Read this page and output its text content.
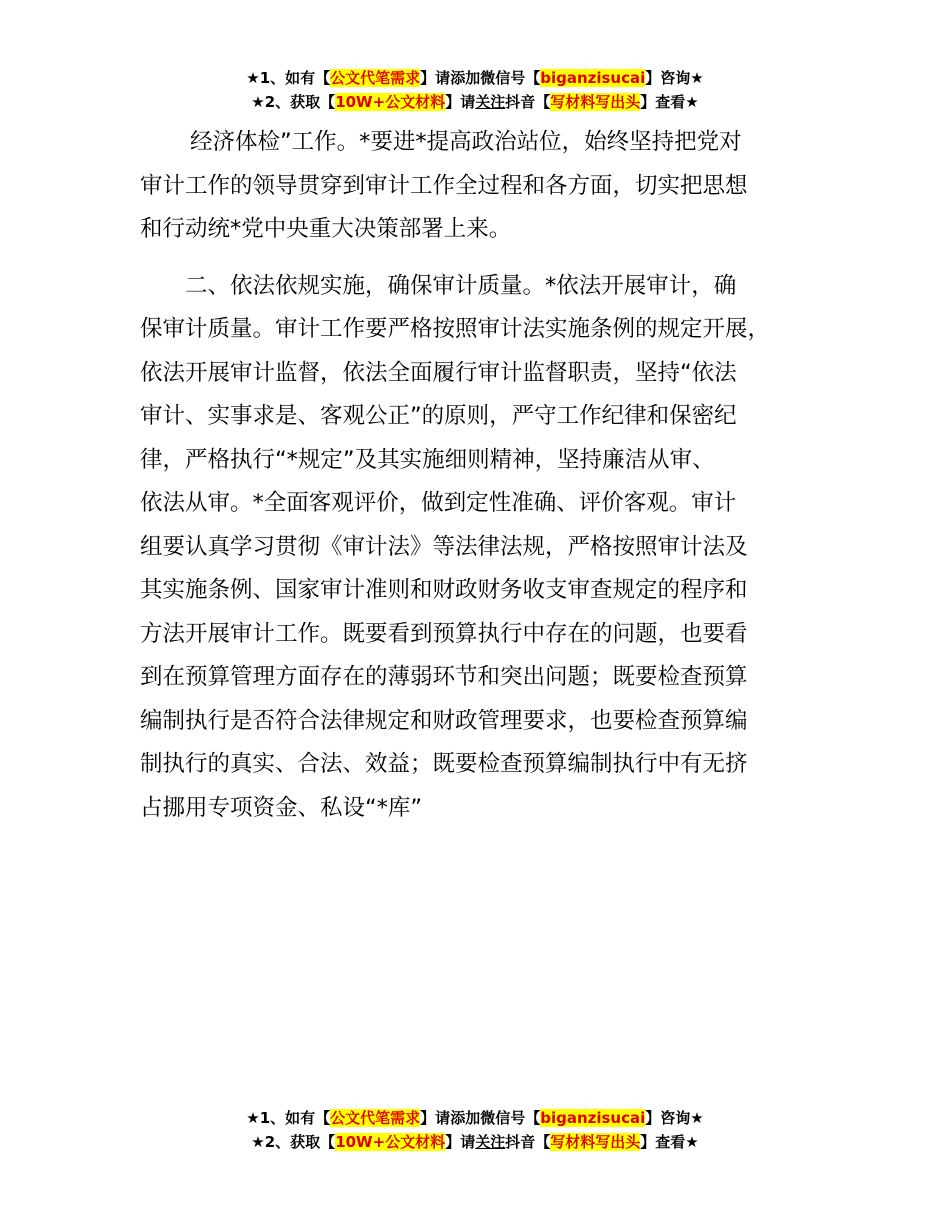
★1、如有【公文代笔需求】请添加微信号【biganzisucai】咨询★
★2、获取【10W+公文材料】请关注抖音【写材料写出头】查看★

经济体检”工作。*要进*提高政治站位，始终坚持把党对
审计工作的领导贯穿到审计工作全过程和各方面，切实把思想
和行动统*党中央重大决策部署上来。

二、依法依规实施，确保审计质量。*依法开展审计，确
保审计质量。审计工作要严格按照审计法实施条例的规定开展，
依法开展审计监督，依法全面履行审计监督职责，坚持“依法
审计、实事求是、客观公正”的原则，严守工作纪律和保密纪
律，严格执行“*规定”及其实施细则精神，坚持廉洁从审、
依法从审。*全面客观评价，做到定性准确、评价客观。审计
组要认真学习贯彻《审计法》等法律法规，严格按照审计法及
其实施条例、国家审计准则和财政财务收支审查规定的程序和
方法开展审计工作。既要看到预算执行中存在的问题，也要看
到在预算管理方面存在的薄弱环节和突出问题；既要检查预算
编制执行是否符合法律规定和财政管理要求，也要检查预算编
制执行的真实、合法、效益；既要检查预算编制执行中有无挤
占挪用专项资金、私设“*库”

★1、如有【公文代笔需求】请添加微信号【biganzisucai】咨询★
★2、获取【10W+公文材料】请关注抖音【写材料写出头】查看★
